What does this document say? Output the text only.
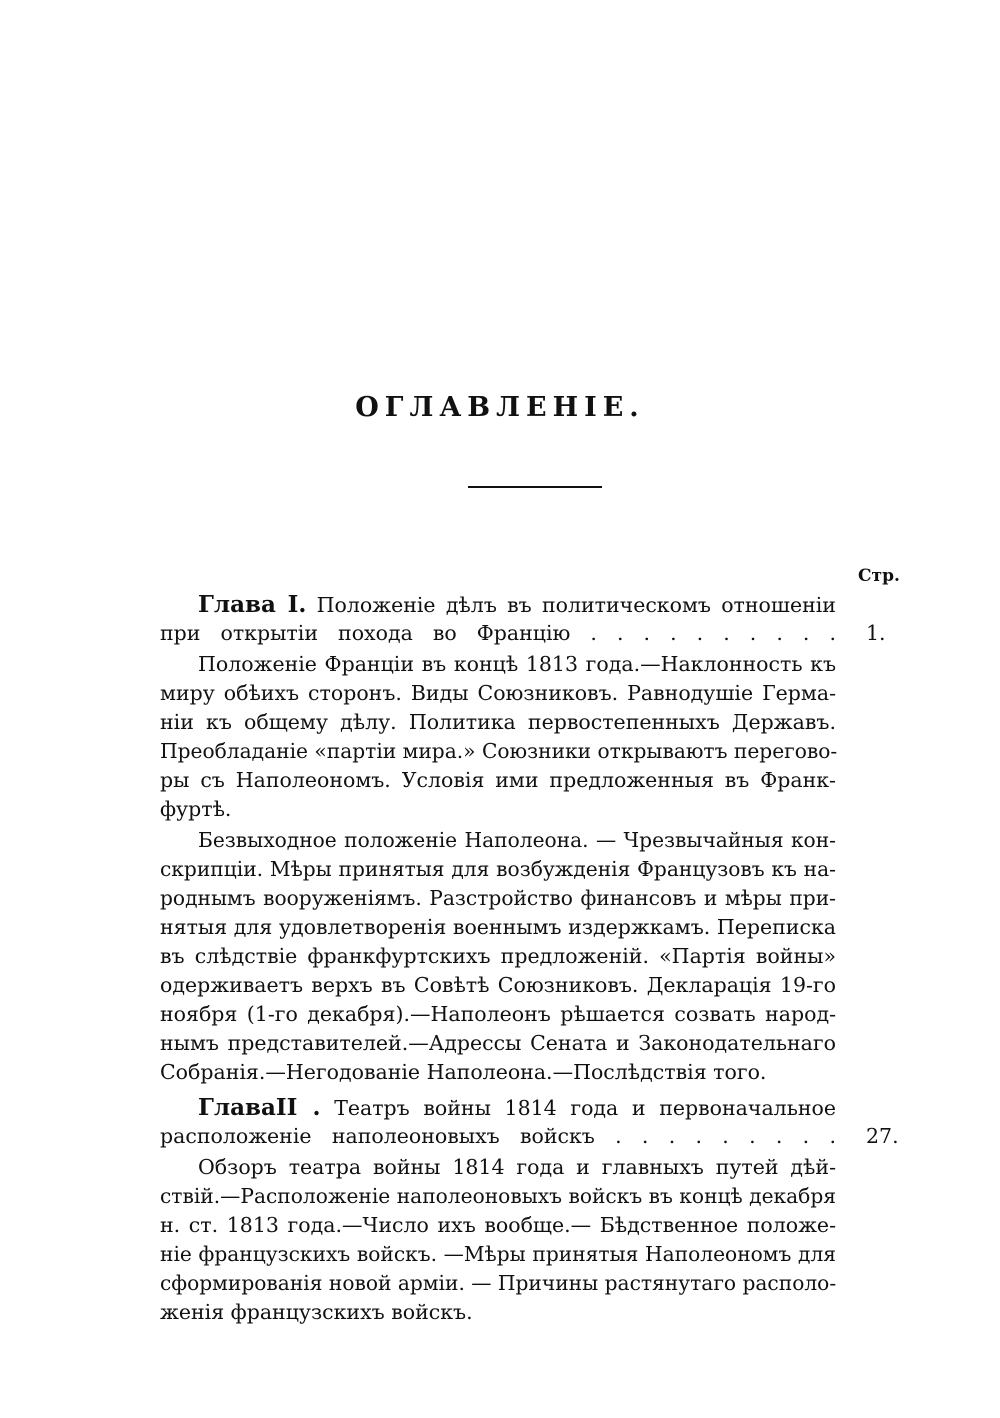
ОГЛАВЛЕНІЕ.
Стр.
Глава I. Положеніе дѣлъ въ политическомъ отношеніи
при открытіи похода во Францію . . . . . . . . . . 1.
Положеніе Франціи въ концѣ 1813 года.—Наклонность къ
миру обѣихъ сторонъ. Виды Союзниковъ. Равнодушіе Герма-
ніи къ общему дѣлу. Политика первостепенныхъ Державъ.
Преобладаніе «партіи мира.» Союзники открываютъ перегово-
ры съ Наполеономъ. Условія ими предложенныя въ Франк-
фуртѣ.
Безвыходное положеніе Наполеона. — Чрезвычайныя кон-
скрипціи. Мѣры принятыя для возбужденія Французовъ къ на-
роднымъ вооруженіямъ. Разстройство финансовъ и мѣры при-
нятыя для удовлетворенія военнымъ издержкамъ. Переписка
въ слѣдствіе франкфуртскихъ предложеній. «Партія войны»
одерживаетъ верхъ въ Совѣтѣ Союзниковъ. Декларація 19-го
ноября (1-го декабря).—Наполеонъ рѣшается созвать народ-
нымъ представителей.—Адрессы Сената и Законодательнаго
Собранія.—Негодованіе Наполеона.—Послѣдствія того.
ГлаваII . Театръ войны 1814 года и первоначальное
расположеніе наполеоновыхъ войскъ . . . . . . . . . 27.
Обзоръ театра войны 1814 года и главныхъ путей дѣй-
ствій.—Расположеніе наполеоновыхъ войскъ въ концѣ декабря
н. ст. 1813 года.—Число ихъ вообще.— Бѣдственное положе-
ніе французскихъ войскъ. —Мѣры принятыя Наполеономъ для
сформированія новой арміи. — Причины растянутаго располо-
женія французскихъ войскъ.
